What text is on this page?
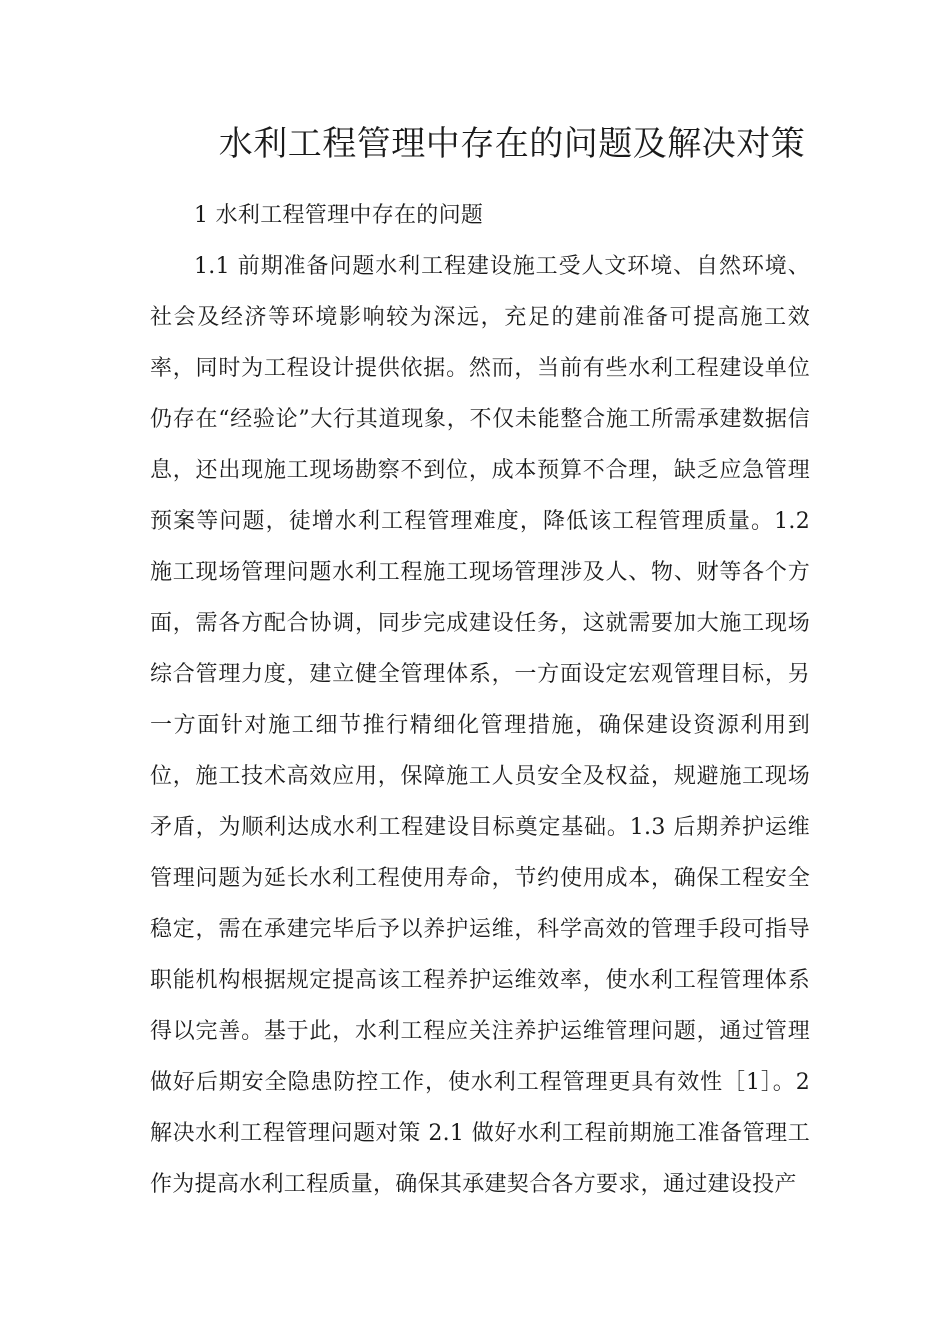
水利工程管理中存在的问题及解决对策

1 水利工程管理中存在的问题

1.1 前期准备问题水利工程建设施工受人文环境、自然环境、社会及经济等环境影响较为深远，充足的建前准备可提高施工效率，同时为工程设计提供依据。然而，当前有些水利工程建设单位仍存在“经验论”大行其道现象，不仅未能整合施工所需承建数据信息，还出现施工现场勘察不到位，成本预算不合理，缺乏应急管理预案等问题，徒增水利工程管理难度，降低该工程管理质量。1.2 施工现场管理问题水利工程施工现场管理涉及人、物、财等各个方面，需各方配合协调，同步完成建设任务，这就需要加大施工现场综合管理力度，建立健全管理体系，一方面设定宏观管理目标，另一方面针对施工细节推行精细化管理措施，确保建设资源利用到位，施工技术高效应用，保障施工人员安全及权益，规避施工现场矛盾，为顺利达成水利工程建设目标奠定基础。1.3 后期养护运维管理问题为延长水利工程使用寿命，节约使用成本，确保工程安全稳定，需在承建完毕后予以养护运维，科学高效的管理手段可指导职能机构根据规定提高该工程养护运维效率，使水利工程管理体系得以完善。基于此，水利工程应关注养护运维管理问题，通过管理做好后期安全隐患防控工作，使水利工程管理更具有效性［1］。2 解决水利工程管理问题对策 2.1 做好水利工程前期施工准备管理工作为提高水利工程质量，确保其承建契合各方要求，通过建设投产
